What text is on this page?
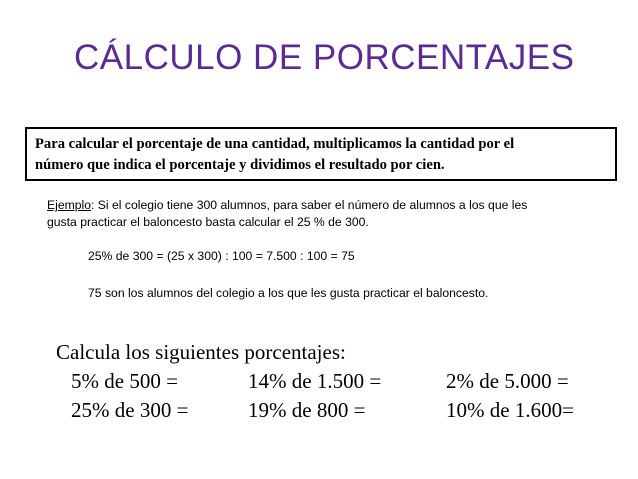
CÁLCULO DE PORCENTAJES
Para calcular el porcentaje de una cantidad, multiplicamos la cantidad por el
número que indica el porcentaje y dividimos el resultado por cien.
Ejemplo: Si el colegio tiene 300 alumnos, para saber el número de alumnos a los que les
gusta practicar el baloncesto basta calcular el 25 % de 300.
25% de 300 = (25 x 300) : 100 = 7.500 : 100 = 75
75 son los alumnos del colegio a los que les gusta practicar el baloncesto.
Calcula los siguientes porcentajes:
5% de 500 =	14% de 1.500 =	2% de 5.000 =
25% de 300 =	19% de 800 =	10% de 1.600=
